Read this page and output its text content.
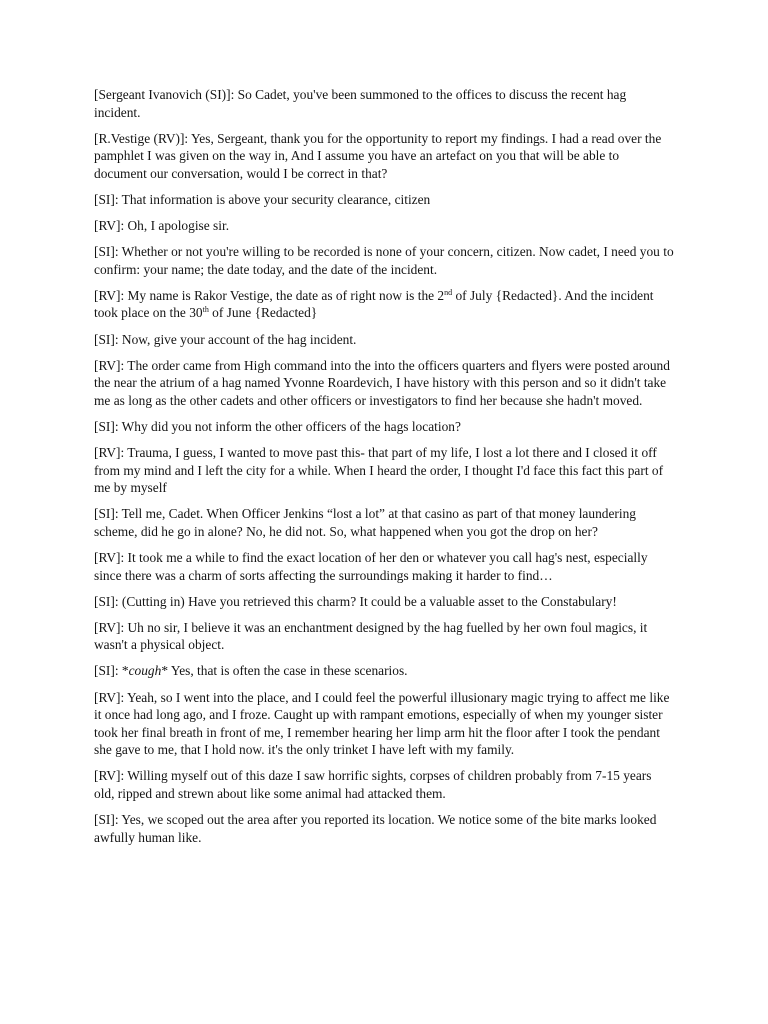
[Sergeant Ivanovich (SI)]: So Cadet, you've been summoned to the offices to discuss the recent hag incident.

[R.Vestige (RV)]: Yes, Sergeant, thank you for the opportunity to report my findings. I had a read over the pamphlet I was given on the way in, And I assume you have an artefact on you that will be able to document our conversation, would I be correct in that?

[SI]: That information is above your security clearance, citizen

[RV]: Oh, I apologise sir.

[SI]: Whether or not you're willing to be recorded is none of your concern, citizen. Now cadet, I need you to confirm: your name; the date today, and the date of the incident.

[RV]: My name is Rakor Vestige, the date as of right now is the 2nd of July {Redacted}. And the incident took place on the 30th of June {Redacted}

[SI]: Now, give your account of the hag incident.

[RV]: The order came from High command into the into the officers quarters and flyers were posted around the near the atrium of a hag named Yvonne Roardevich, I have history with this person and so it didn't take me as long as the other cadets and other officers or investigators to find her because she hadn't moved.

[SI]: Why did you not inform the other officers of the hags location?

[RV]: Trauma, I guess, I wanted to move past this- that part of my life, I lost a lot there and I closed it off from my mind and I left the city for a while. When I heard the order, I thought I'd face this fact this part of me by myself

[SI]: Tell me, Cadet. When Officer Jenkins “lost a lot” at that casino as part of that money laundering scheme, did he go in alone? No, he did not. So, what happened when you got the drop on her?

[RV]: It took me a while to find the exact location of her den or whatever you call hag's nest, especially since there was a charm of sorts affecting the surroundings making it harder to find…

[SI]: (Cutting in) Have you retrieved this charm? It could be a valuable asset to the Constabulary!

[RV]: Uh no sir, I believe it was an enchantment designed by the hag fuelled by her own foul magics, it wasn't a physical object.

[SI]: *cough* Yes, that is often the case in these scenarios.

[RV]: Yeah, so I went into the place, and I could feel the powerful illusionary magic trying to affect me like it once had long ago, and I froze. Caught up with rampant emotions, especially of when my younger sister took her final breath in front of me, I remember hearing her limp arm hit the floor after I took the pendant she gave to me, that I hold now. it's the only trinket I have left with my family.

[RV]: Willing myself out of this daze I saw horrific sights, corpses of children probably from 7-15 years old, ripped and strewn about like some animal had attacked them.

[SI]: Yes, we scoped out the area after you reported its location. We notice some of the bite marks looked awfully human like.
